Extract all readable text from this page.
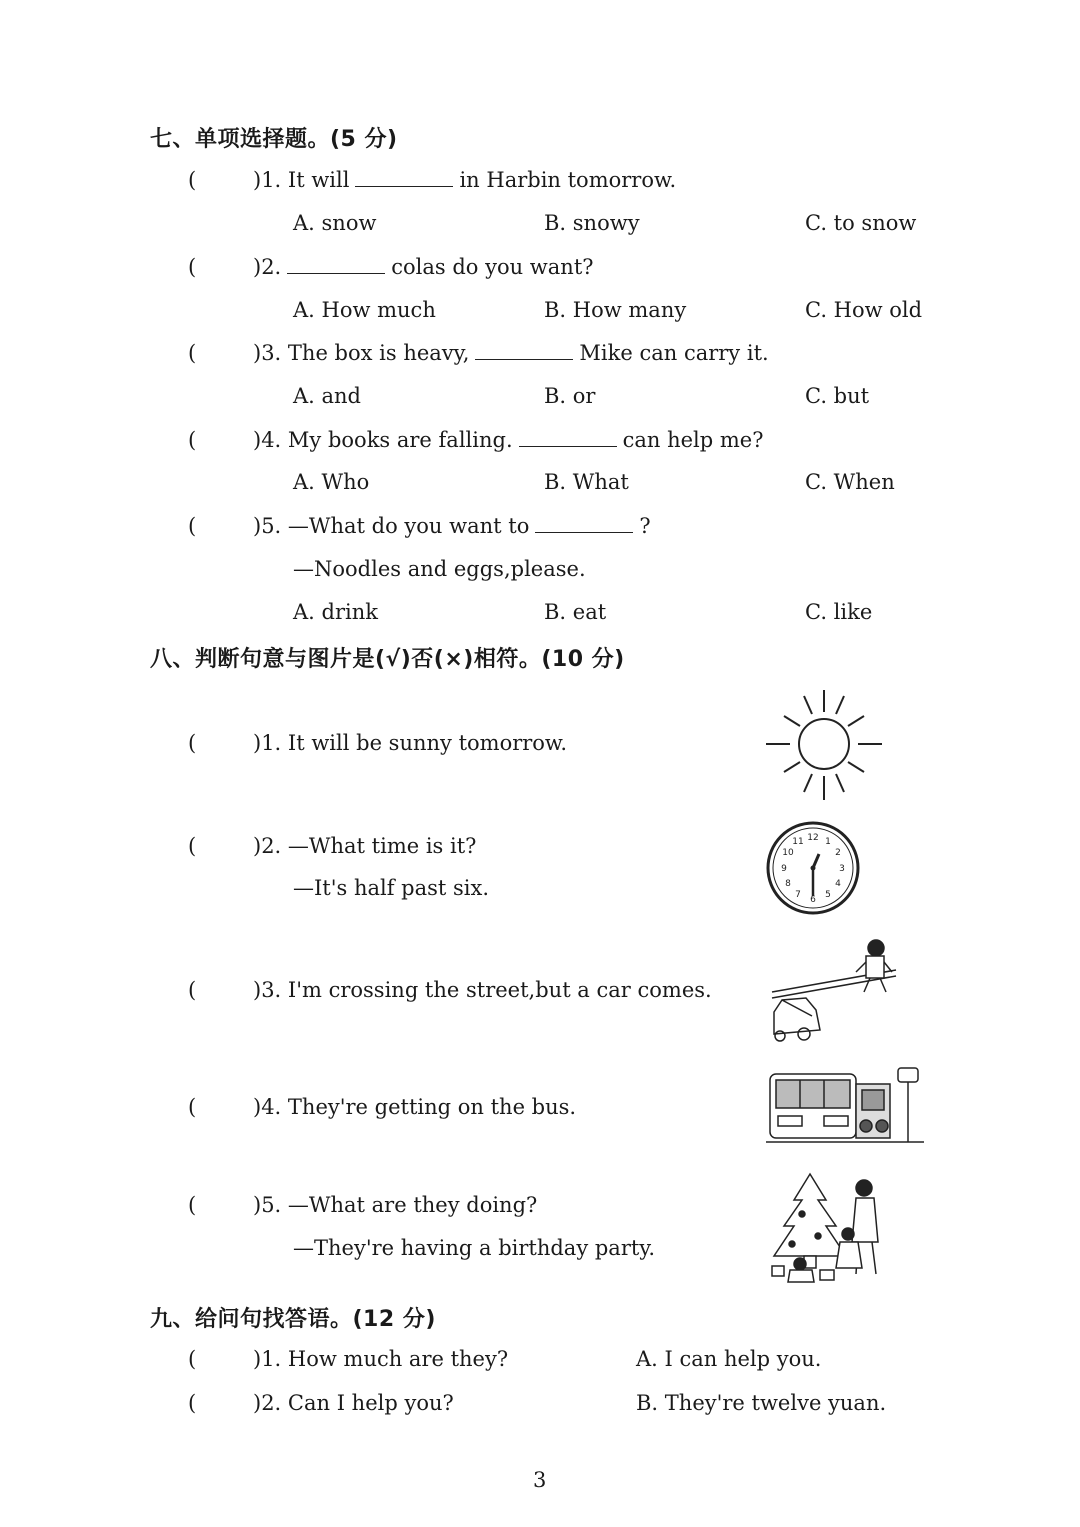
七、单项选择题。(5 分)
(	)1. It will	in Harbin tomorrow.
A. snow	B. snowy	C. to snow
(	)2.	colas do you want?
A. How much	B. How many	C. How old
(	)3. The box is heavy,	Mike can carry it.
A. and	B. or	C. but
(	)4. My books are falling.	can help me?
A. Who	B. What	C. When
(	)5. —What do you want to	?
—Noodles and eggs,please.
A. drink	B. eat	C. like
八、判断句意与图片是(√)否(×)相符。(10 分)
(	)1. It will be sunny tomorrow.
(	)2. —What time is it?
—It's half past six.
12 1
2
3
4
5
6
7
8
9
10
11
(	)3. I'm crossing the street,but a car comes.
(	)4. They're getting on the bus.
(	)5. —What are they doing?
—They're having a birthday party.
九、给问句找答语。(12 分)
(	)1. How much are they?	A. I can help you.
(	)2. Can I help you?	B. They're twelve yuan.
3
